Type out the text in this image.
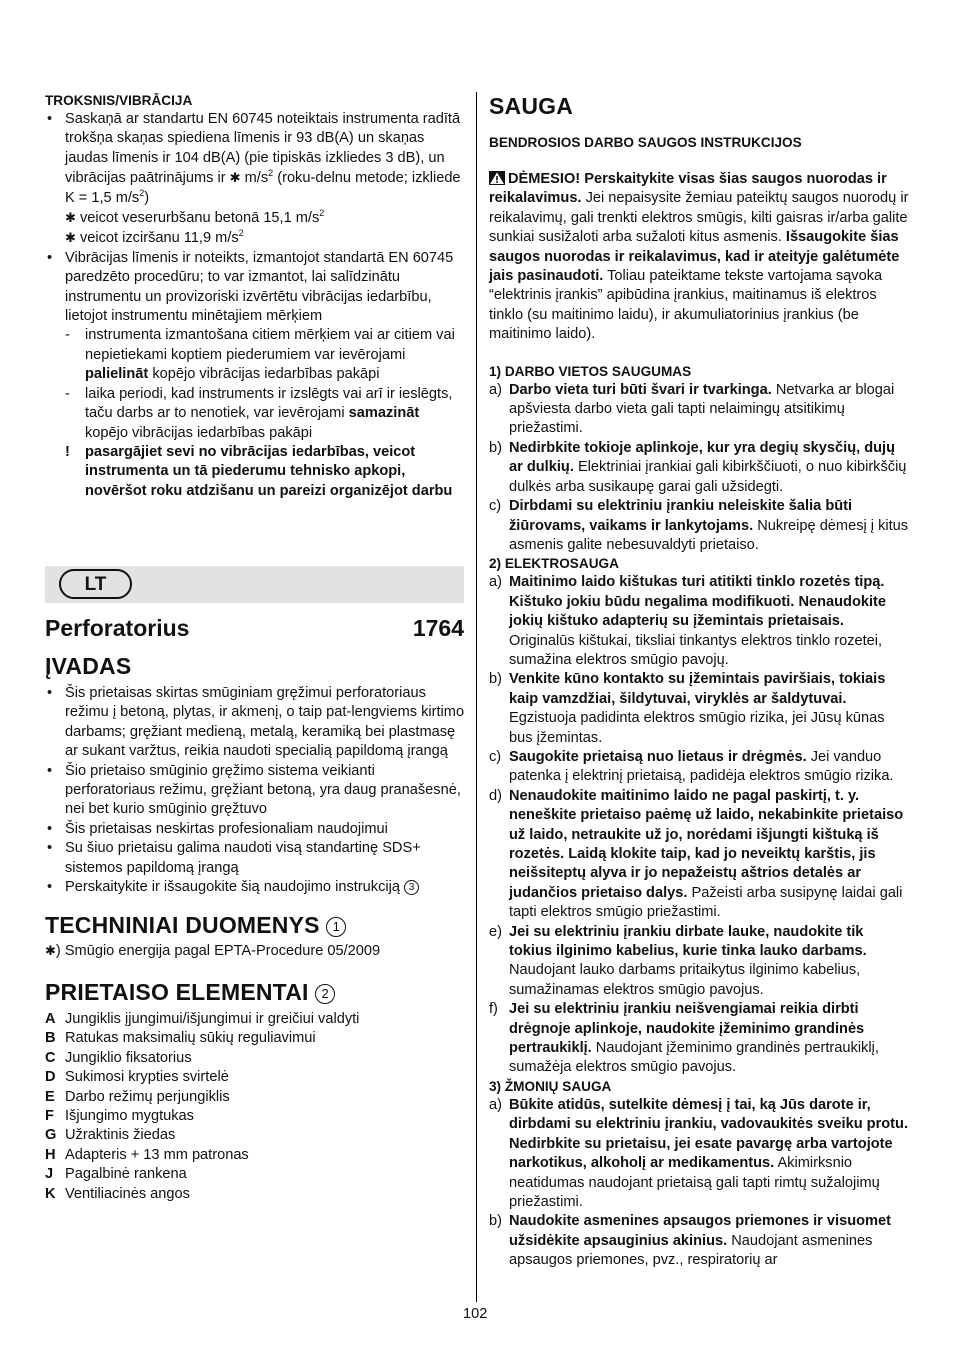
TROKSNIS/VIBRĀCIJA
• Saskaņā ar standartu EN 60745 noteiktais instrumenta radītā trokšņa skaņas spiediena līmenis ir 93 dB(A) un skaņas jaudas līmenis ir 104 dB(A) (pie tipiskās izkliedes 3 dB), un vibrācijas paātrinājums ir ✱ $m/s^2$ (roku-delnu metode; izkliede K = 1,5 $m/s^2$)
✱ veicot veserurbšanu betonā 15,1 $m/s^2$
✱ veicot izciršanu 11,9 $m/s^2$
• Vibrācijas līmenis ir noteikts, izmantojot standartā EN 60745 paredzēto procedūru; to var izmantot, lai salīdzinātu instrumentu un provizoriski izvērtētu vibrācijas iedarbību, lietojot instrumentu minētajiem mērķiem
- instrumenta izmantošana citiem mērķiem vai ar citiem vai nepietiekami koptiem piederumiem var ievērojami palielināt kopējo vibrācijas iedarbības pakāpi
- laika periodi, kad instruments ir izslēgts vai arī ir ieslēgts, taču darbs ar to nenotiek, var ievērojami samazināt kopējo vibrācijas iedarbības pakāpi
! pasargājiet sevi no vibrācijas iedarbības, veicot instrumenta un tā piederumu tehnisko apkopi, novēršot roku atdzišanu un pareizi organizējot darbu
LT
Perforatorius	1764
ĮVADAS
• Šis prietaisas skirtas smūginiam gręžimui perforatoriaus režimu į betoną, plytas, ir akmenį, o taip pat-lengviems kirtimo darbams; gręžiant medieną, metalą, keramiką bei plastmasę ar sukant varžtus, reikia naudoti specialią papildomą įrangą
• Šio prietaiso smūginio gręžimo sistema veikianti perforatoriaus režimu, gręžiant betoną, yra daug pranašesnė, nei bet kurio smūginio gręžtuvo
• Šis prietaisas neskirtas profesionaliam naudojimui
• Su šiuo prietaisu galima naudoti visą standartinę SDS+ sistemos papildomą įrangą
• Perskaitykite ir išsaugokite šią naudojimo instrukciją 3
TECHNINIAI DUOMENYS 1

✱) Smūgio energija pagal EPTA-Procedure 05/2009

PRIETAISO ELEMENTAI 2
A Jungiklis įjungimui/išjungimui ir greičiui valdyti
B Ratukas maksimalių sūkių reguliavimui
C Jungiklio fiksatorius
D Sukimosi krypties svirtelė
E Darbo režimų perjungiklis
F Išjungimo mygtukas
G Užraktinis žiedas
H Adapteris + 13 mm patronas
J Pagalbinė rankena
K Ventiliacinės angos
SAUGA
BENDROSIOS DARBO SAUGOS INSTRUKCIJOS

DĖMESIO! Perskaitykite visas šias saugos nuorodas ir reikalavimus. Jei nepaisysite žemiau pateiktų saugos nuorodų ir reikalavimų, gali trenkti elektros smūgis, kilti gaisras ir/arba galite sunkiai susižaloti arba sužaloti kitus asmenis. Išsaugokite šias saugos nuorodas ir reikalavimus, kad ir ateityje galėtumėte jais pasinaudoti. Toliau pateiktame tekste vartojama sąvoka “elektrinis įrankis” apibūdina įrankius, maitinamus iš elektros tinklo (su maitinimo laidu), ir akumuliatorinius įrankius (be maitinimo laido).

1) DARBO VIETOS SAUGUMAS
a) Darbo vieta turi būti švari ir tvarkinga. Netvarka ar blogai apšviesta darbo vieta gali tapti nelaimingų atsitikimų priežastimi.
b) Nedirbkite tokioje aplinkoje, kur yra degių skysčių, dujų ar dulkių. Elektriniai įrankiai gali kibirkščiuoti, o nuo kibirkščių dulkės arba susikaupę garai gali užsidegti.
c) Dirbdami su elektriniu įrankiu neleiskite šalia būti žiūrovams, vaikams ir lankytojams. Nukreipę dėmesį į kitus asmenis galite nebesuvaldyti prietaiso.
2) ELEKTROSAUGA
a) Maitinimo laido kištukas turi atitikti tinklo rozetės tipą. Kištuko jokiu būdu negalima modifikuoti. Nenaudokite jokių kištuko adapterių su įžemintais prietaisais. Originalūs kištukai, tiksliai tinkantys elektros tinklo rozetei, sumažina elektros smūgio pavojų.
b) Venkite kūno kontakto su įžemintais paviršiais, tokiais kaip vamzdžiai, šildytuvai, viryklės ar šaldytuvai. Egzistuoja padidinta elektros smūgio rizika, jei Jūsų kūnas bus įžemintas.
c) Saugokite prietaisą nuo lietaus ir drėgmės. Jei vanduo patenka į elektrinį prietaisą, padidėja elektros smūgio rizika.
d) Nenaudokite maitinimo laido ne pagal paskirtį, t. y. neneškite prietaiso paėmę už laido, nekabinkite prietaiso už laido, netraukite už jo, norėdami išjungti kištuką iš rozetės. Laidą klokite taip, kad jo neveiktų karštis, jis neišsiteptų alyva ir jo nepažeistų aštrios detalės ar judančios prietaiso dalys. Pažeisti arba susipynę laidai gali tapti elektros smūgio priežastimi.
e) Jei su elektriniu įrankiu dirbate lauke, naudokite tik tokius ilginimo kabelius, kurie tinka lauko darbams. Naudojant lauko darbams pritaikytus ilginimo kabelius, sumažinamas elektros smūgio pavojus.
f) Jei su elektriniu įrankiu neišvengiamai reikia dirbti drėgnoje aplinkoje, naudokite įžeminimo grandinės pertraukiklį. Naudojant įžeminimo grandinės pertraukiklį, sumažėja elektros smūgio pavojus.
3) ŽMONIŲ SAUGA
a) Būkite atidūs, sutelkite dėmesį į tai, ką Jūs darote ir, dirbdami su elektriniu įrankiu, vadovaukitės sveiku protu. Nedirbkite su prietaisu, jei esate pavargę arba vartojote narkotikus, alkoholį ar medikamentus. Akimirksnio neatidumas naudojant prietaisą gali tapti rimtų sužalojimų priežastimi.
b) Naudokite asmenines apsaugos priemones ir visuomet užsidėkite apsauginius akinius. Naudojant asmenines apsaugos priemones, pvz., respiratorių ar
102
